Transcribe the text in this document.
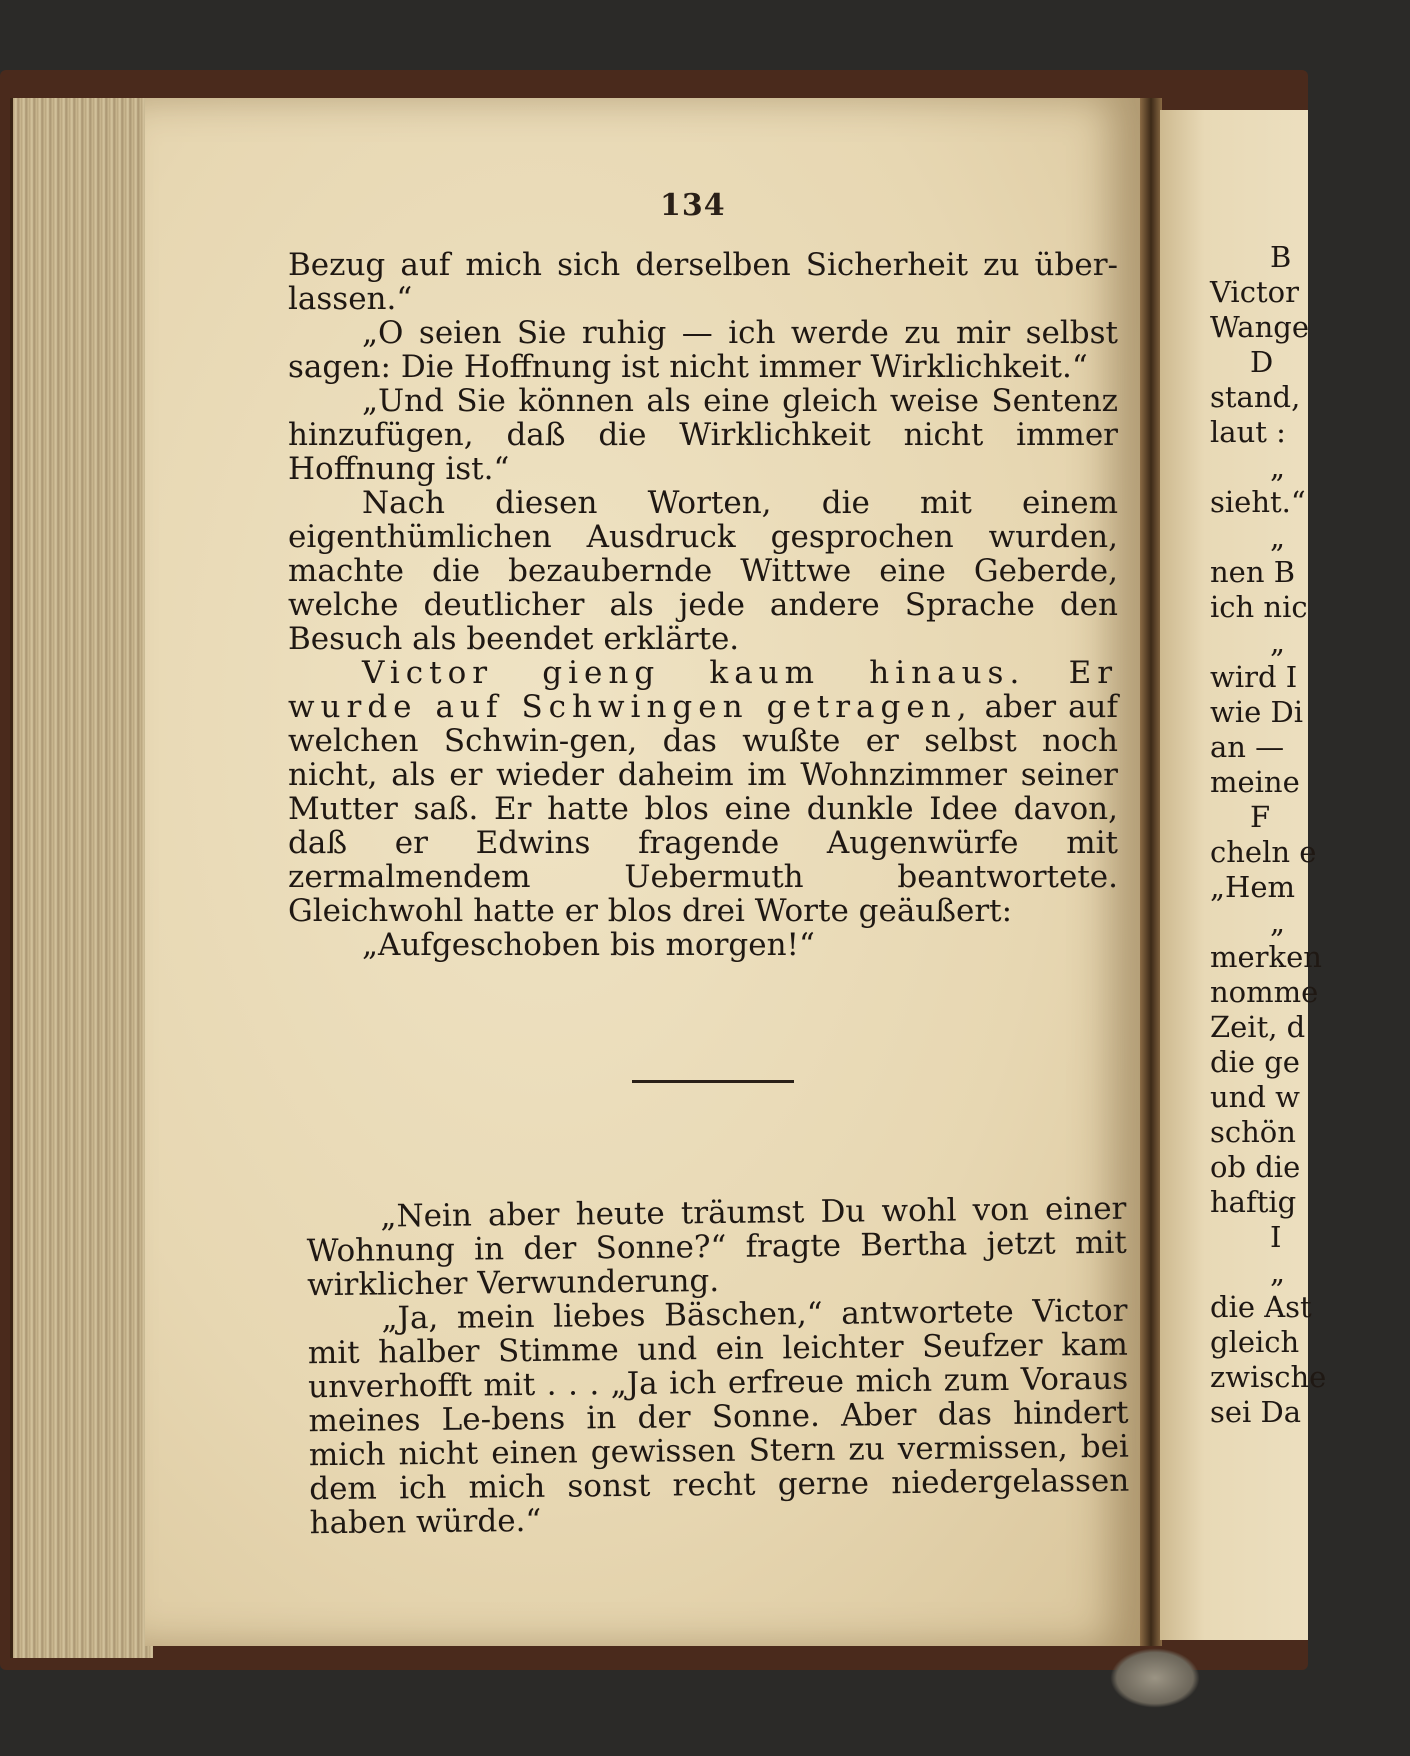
134

Bezug auf mich sich derselben Sicherheit zu über-lassen.“

„O seien Sie ruhig — ich werde zu mir selbst sagen: Die Hoffnung ist nicht immer Wirklichkeit.“

„Und Sie können als eine gleich weise Sentenz hinzufügen, daß die Wirklichkeit nicht immer Hoffnung ist.“

Nach diesen Worten, die mit einem eigenthümlichen Ausdruck gesprochen wurden, machte die bezaubernde Wittwe eine Geberde, welche deutlicher als jede andere Sprache den Besuch als beendet erklärte.

Victor gieng kaum hinaus. Er wurde auf Schwingen getragen, aber auf welchen Schwin-gen, das wußte er selbst noch nicht, als er wieder daheim im Wohnzimmer seiner Mutter saß. Er hatte blos eine dunkle Idee davon, daß er Edwins fragende Augenwürfe mit zermalmendem Uebermuth beantwortete. Gleichwohl hatte er blos drei Worte geäußert:

„Aufgeschoben bis morgen!“

„Nein aber heute träumst Du wohl von einer Wohnung in der Sonne?“ fragte Bertha jetzt mit wirklicher Verwunderung.

„Ja, mein liebes Bäschen,“ antwortete Victor mit halber Stimme und ein leichter Seufzer kam unverhofft mit . . . „Ja ich erfreue mich zum Voraus meines Le-bens in der Sonne. Aber das hindert mich nicht einen gewissen Stern zu vermissen, bei dem ich mich sonst recht gerne niedergelassen haben würde.“

B
Victor
Wange
D
stand,
laut :
„
sieht.“
„
nen B
ich nic
„
wird I
wie Di
an —
meine
F
cheln e
„Hem
„
merken
nomme
Zeit, d
die ge
und w
schön
ob die
haftig
I
„
die Ast
gleich
zwische
sei Da
